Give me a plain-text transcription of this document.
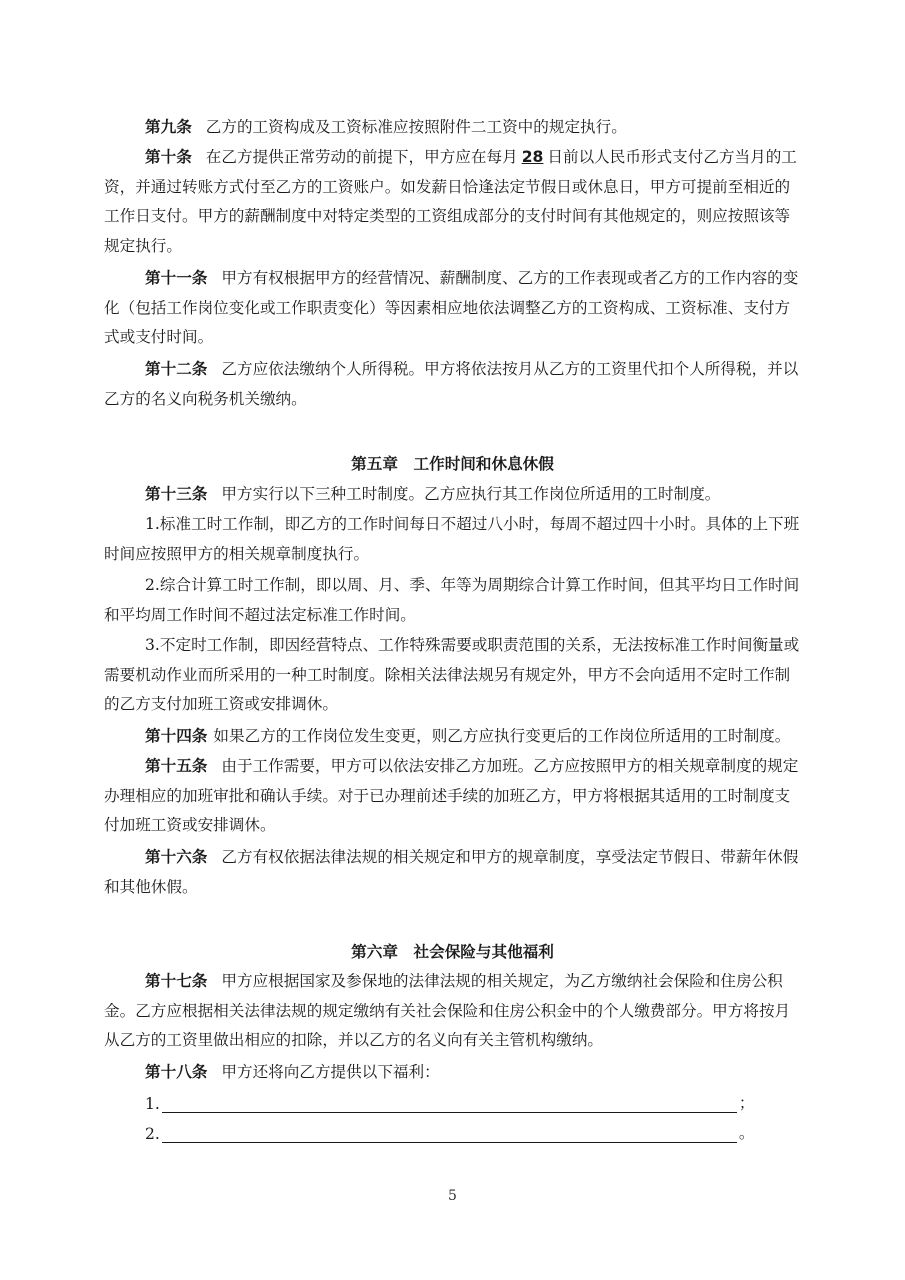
第九条 乙方的工资构成及工资标准应按照附件二工资中的规定执行。

第十条 在乙方提供正常劳动的前提下，甲方应在每月 28 日前以人民币形式支付乙方当月的工资，并通过转账方式付至乙方的工资账户。如发薪日恰逢法定节假日或休息日，甲方可提前至相近的工作日支付。甲方的薪酬制度中对特定类型的工资组成部分的支付时间有其他规定的，则应按照该等规定执行。

第十一条 甲方有权根据甲方的经营情况、薪酬制度、乙方的工作表现或者乙方的工作内容的变化（包括工作岗位变化或工作职责变化）等因素相应地依法调整乙方的工资构成、工资标准、支付方式或支付时间。

第十二条 乙方应依法缴纳个人所得税。甲方将依法按月从乙方的工资里代扣个人所得税，并以乙方的名义向税务机关缴纳。

第五章　工作时间和休息休假

第十三条 甲方实行以下三种工时制度。乙方应执行其工作岗位所适用的工时制度。

1.标准工时工作制，即乙方的工作时间每日不超过八小时，每周不超过四十小时。具体的上下班时间应按照甲方的相关规章制度执行。

2.综合计算工时工作制，即以周、月、季、年等为周期综合计算工作时间，但其平均日工作时间和平均周工作时间不超过法定标准工作时间。

3.不定时工作制，即因经营特点、工作特殊需要或职责范围的关系，无法按标准工作时间衡量或需要机动作业而所采用的一种工时制度。除相关法律法规另有规定外，甲方不会向适用不定时工作制的乙方支付加班工资或安排调休。

第十四条 如果乙方的工作岗位发生变更，则乙方应执行变更后的工作岗位所适用的工时制度。

第十五条 由于工作需要，甲方可以依法安排乙方加班。乙方应按照甲方的相关规章制度的规定办理相应的加班审批和确认手续。对于已办理前述手续的加班乙方，甲方将根据其适用的工时制度支付加班工资或安排调休。

第十六条 乙方有权依据法律法规的相关规定和甲方的规章制度，享受法定节假日、带薪年休假和其他休假。

第六章　社会保险与其他福利

第十七条 甲方应根据国家及参保地的法律法规的相关规定，为乙方缴纳社会保险和住房公积金。乙方应根据相关法律法规的规定缴纳有关社会保险和住房公积金中的个人缴费部分。甲方将按月从乙方的工资里做出相应的扣除，并以乙方的名义向有关主管机构缴纳。

第十八条 甲方还将向乙方提供以下福利：

1.	；
2.	。
5
